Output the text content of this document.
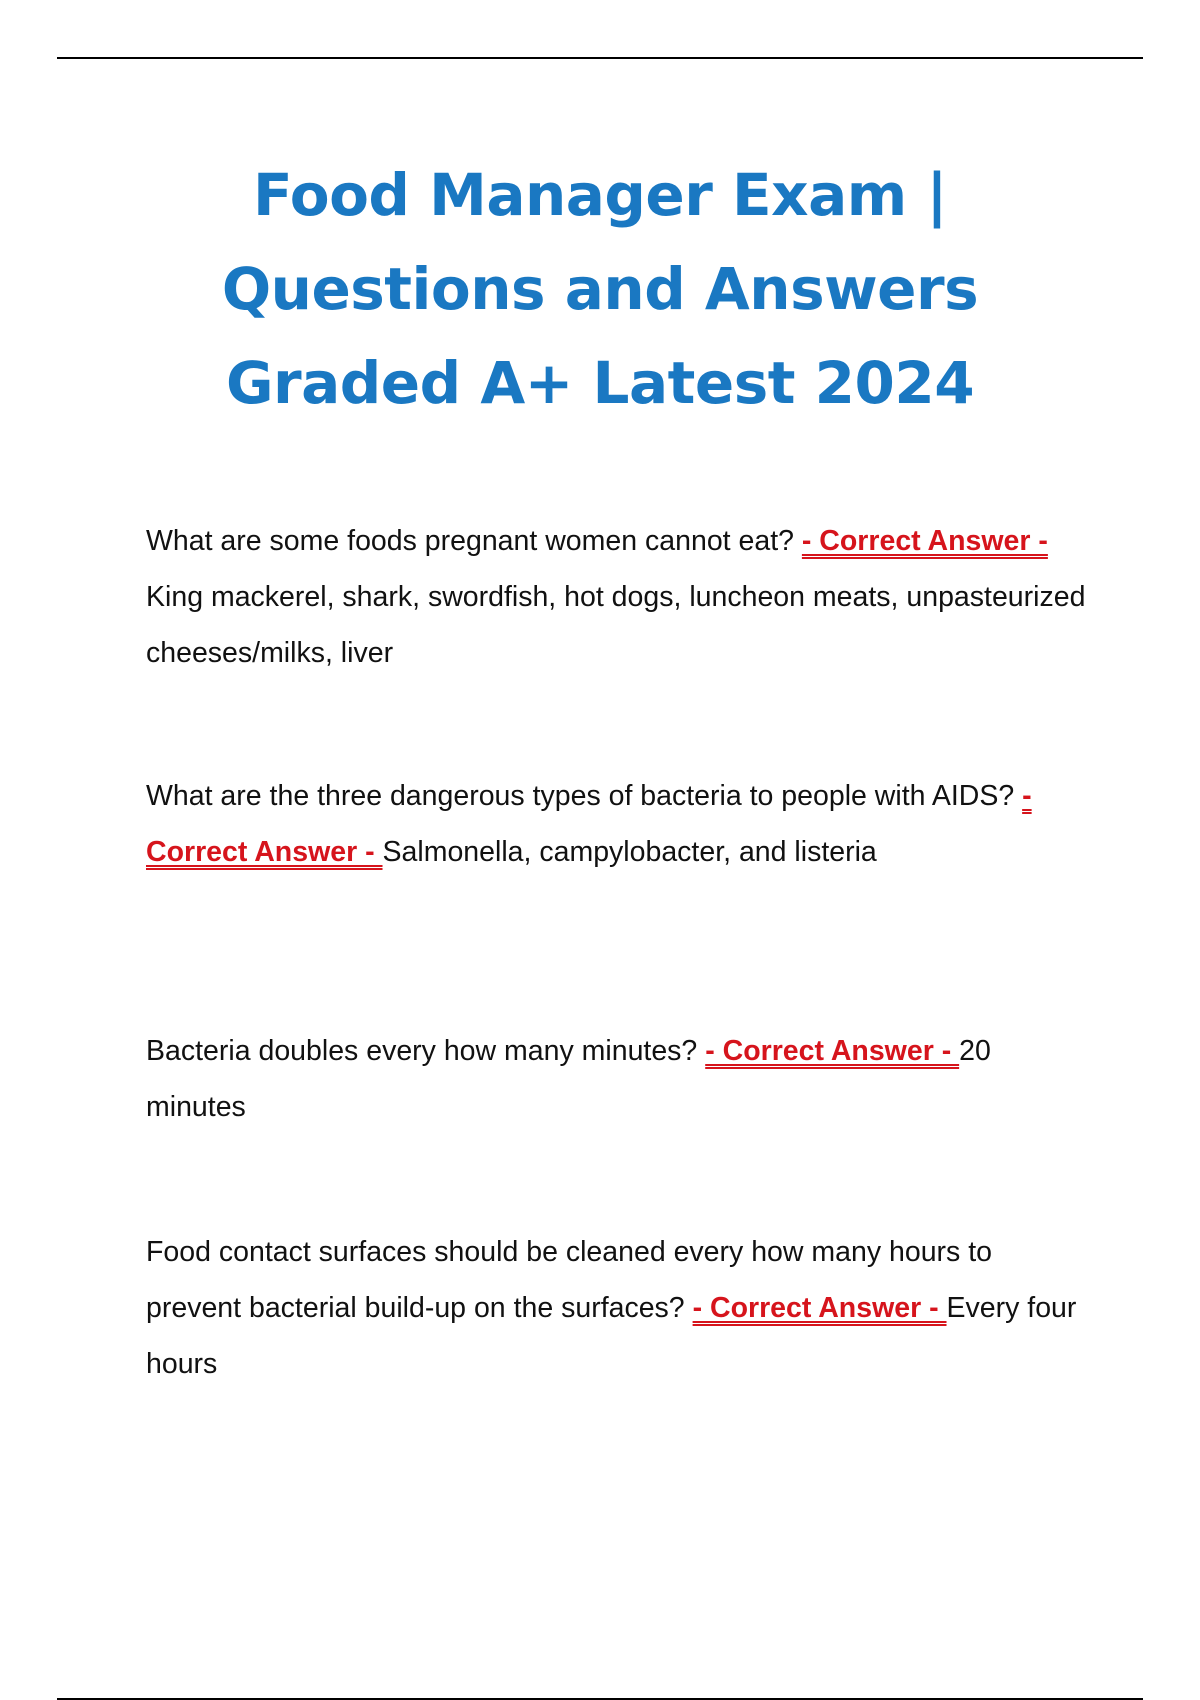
Food Manager Exam | Questions and Answers Graded A+ Latest 2024

What are some foods pregnant women cannot eat? - Correct Answer - King mackerel, shark, swordfish, hot dogs, luncheon meats, unpasteurized cheeses/milks, liver

What are the three dangerous types of bacteria to people with AIDS? - Correct Answer - Salmonella, campylobacter, and listeria

Bacteria doubles every how many minutes? - Correct Answer - 20 minutes

Food contact surfaces should be cleaned every how many hours to prevent bacterial build-up on the surfaces? - Correct Answer - Every four hours
